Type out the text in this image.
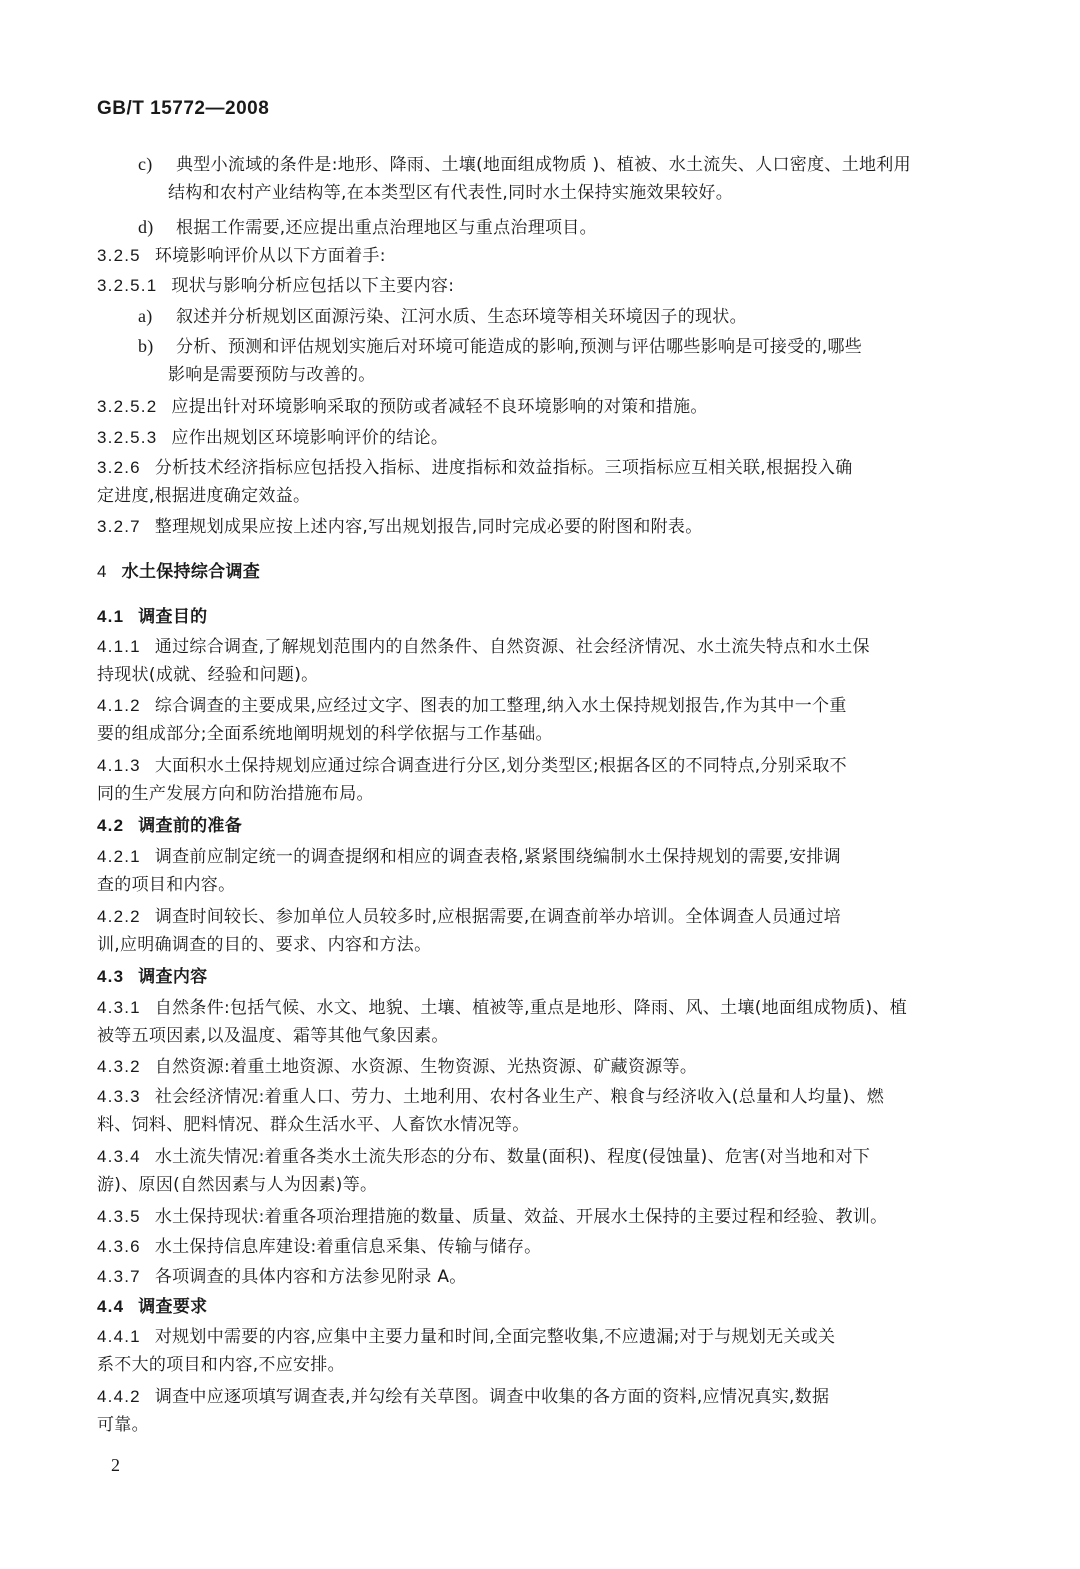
GB/T 15772—2008
c) 典型小流域的条件是:地形、降雨、土壤(地面组成物质 )、植被、水土流失、人口密度、土地利用
结构和农村产业结构等,在本类型区有代表性,同时水土保持实施效果较好。
d) 根据工作需要,还应提出重点治理地区与重点治理项目。
3.2.5 环境影响评价从以下方面着手:
3.2.5.1 现状与影响分析应包括以下主要内容:
a) 叙述并分析规划区面源污染、江河水质、生态环境等相关环境因子的现状。
b) 分析、预测和评估规划实施后对环境可能造成的影响,预测与评估哪些影响是可接受的,哪些
影响是需要预防与改善的。
3.2.5.2 应提出针对环境影响采取的预防或者减轻不良环境影响的对策和措施。
3.2.5.3 应作出规划区环境影响评价的结论。
3.2.6 分析技术经济指标应包括投入指标、进度指标和效益指标。三项指标应互相关联,根据投入确
定进度,根据进度确定效益。
3.2.7 整理规划成果应按上述内容,写出规划报告,同时完成必要的附图和附表。
4 水土保持综合调查
4.1 调查目的
4.1.1 通过综合调查,了解规划范围内的自然条件、自然资源、社会经济情况、水土流失特点和水土保
持现状(成就、经验和问题)。
4.1.2 综合调查的主要成果,应经过文字、图表的加工整理,纳入水土保持规划报告,作为其中一个重
要的组成部分;全面系统地阐明规划的科学依据与工作基础。
4.1.3 大面积水土保持规划应通过综合调查进行分区,划分类型区;根据各区的不同特点,分别采取不
同的生产发展方向和防治措施布局。
4.2 调查前的准备
4.2.1 调查前应制定统一的调查提纲和相应的调查表格,紧紧围绕编制水土保持规划的需要,安排调
查的项目和内容。
4.2.2 调查时间较长、参加单位人员较多时,应根据需要,在调查前举办培训。全体调查人员通过培
训,应明确调查的目的、要求、内容和方法。
4.3 调查内容
4.3.1 自然条件:包括气候、水文、地貌、土壤、植被等,重点是地形、降雨、风、土壤(地面组成物质)、植
被等五项因素,以及温度、霜等其他气象因素。
4.3.2 自然资源:着重土地资源、水资源、生物资源、光热资源、矿藏资源等。
4.3.3 社会经济情况:着重人口、劳力、土地利用、农村各业生产、粮食与经济收入(总量和人均量)、燃
料、饲料、肥料情况、群众生活水平、人畜饮水情况等。
4.3.4 水土流失情况:着重各类水土流失形态的分布、数量(面积)、程度(侵蚀量)、危害(对当地和对下
游)、原因(自然因素与人为因素)等。
4.3.5 水土保持现状:着重各项治理措施的数量、质量、效益、开展水土保持的主要过程和经验、教训。
4.3.6 水土保持信息库建设:着重信息采集、传输与储存。
4.3.7 各项调查的具体内容和方法参见附录 A。
4.4 调查要求
4.4.1 对规划中需要的内容,应集中主要力量和时间,全面完整收集,不应遗漏;对于与规划无关或关
系不大的项目和内容,不应安排。
4.4.2 调查中应逐项填写调查表,并勾绘有关草图。调查中收集的各方面的资料,应情况真实,数据
可靠。
2
